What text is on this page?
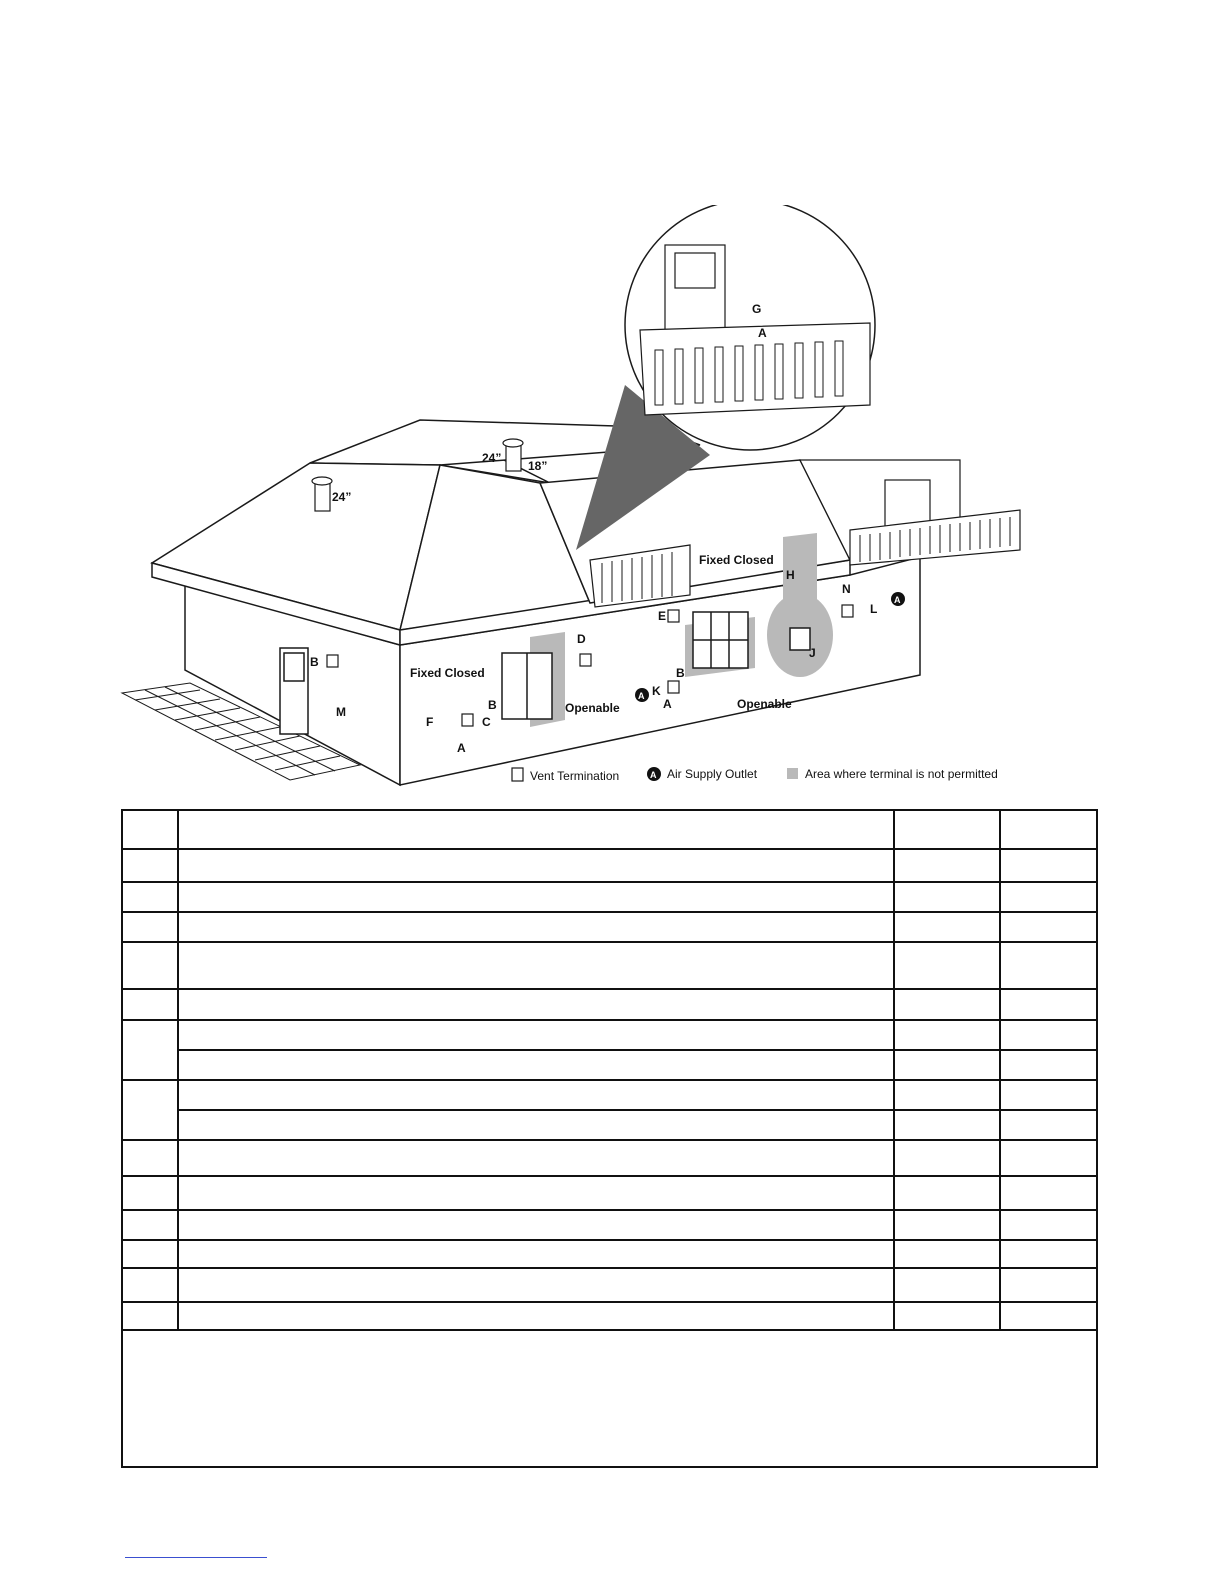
G
A
H
N
L
E
D
J
B
B
K
A
B
M
F	C
A
24”
24”
18”
Fixed Closed
Openable
Fixed Closed
Openable
A
A
Vent Termination	A Air Supply Outlet	Area where terminal is not permitted
